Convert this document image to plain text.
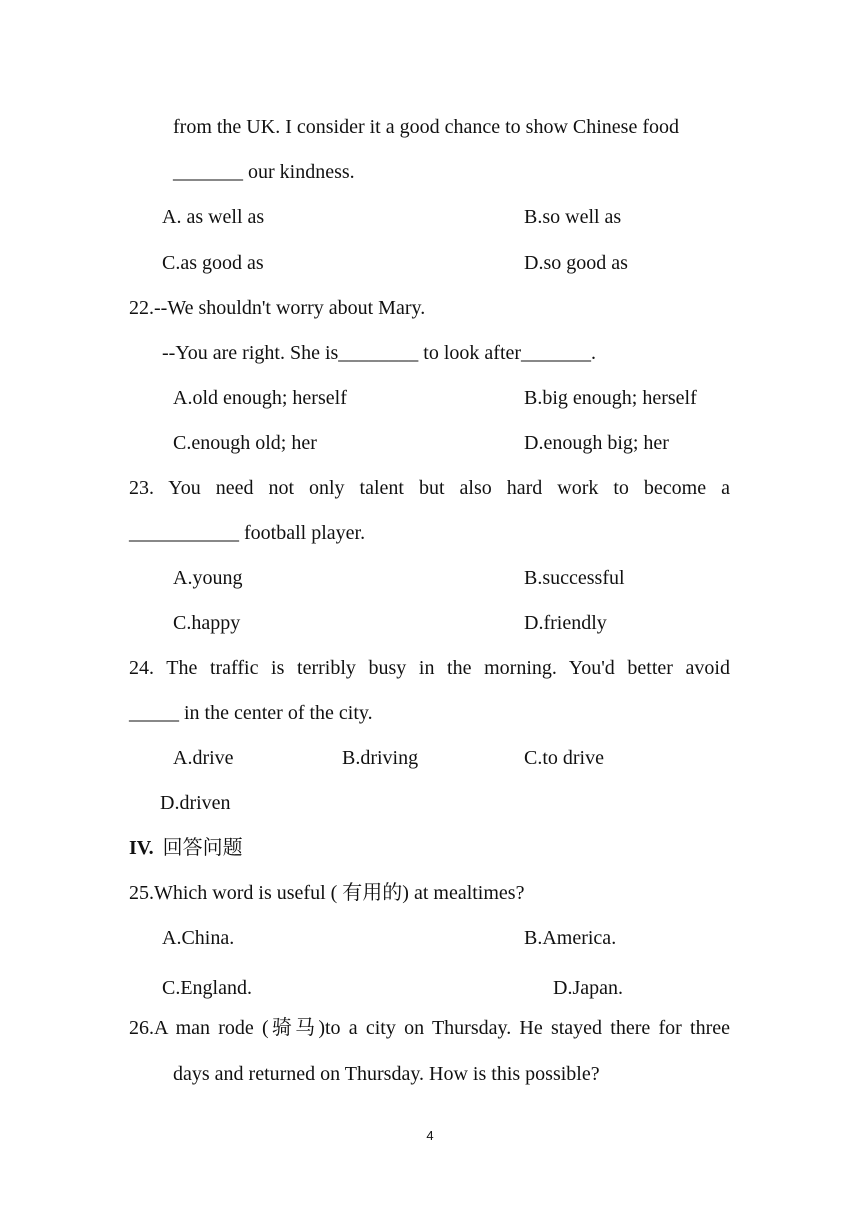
from the UK. I consider it a good chance to show Chinese food
_______ our kindness.
A. as well as	B.so well as
C.as good as	D.so good as
22.--We shouldn't worry about Mary.
--You are right. She is________ to look after_______.
A.old enough; herself	B.big enough; herself
C.enough old; her	D.enough big; her
23. You need not only talent but also hard work to become a
___________ football player.
A.young	B.successful
C.happy	D.friendly
24. The traffic is terribly busy in the morning. You'd better avoid
_____ in the center of the city.
A.drive	B.driving	C.to drive
D.driven
IV. 回答问题
25.Which word is useful ( 有用的) at mealtimes?
A.China.	B.America.
C.England.	D.Japan.
26.A man rode (骑马)to a city on Thursday. He stayed there for three
days and returned on Thursday. How is this possible?
4
